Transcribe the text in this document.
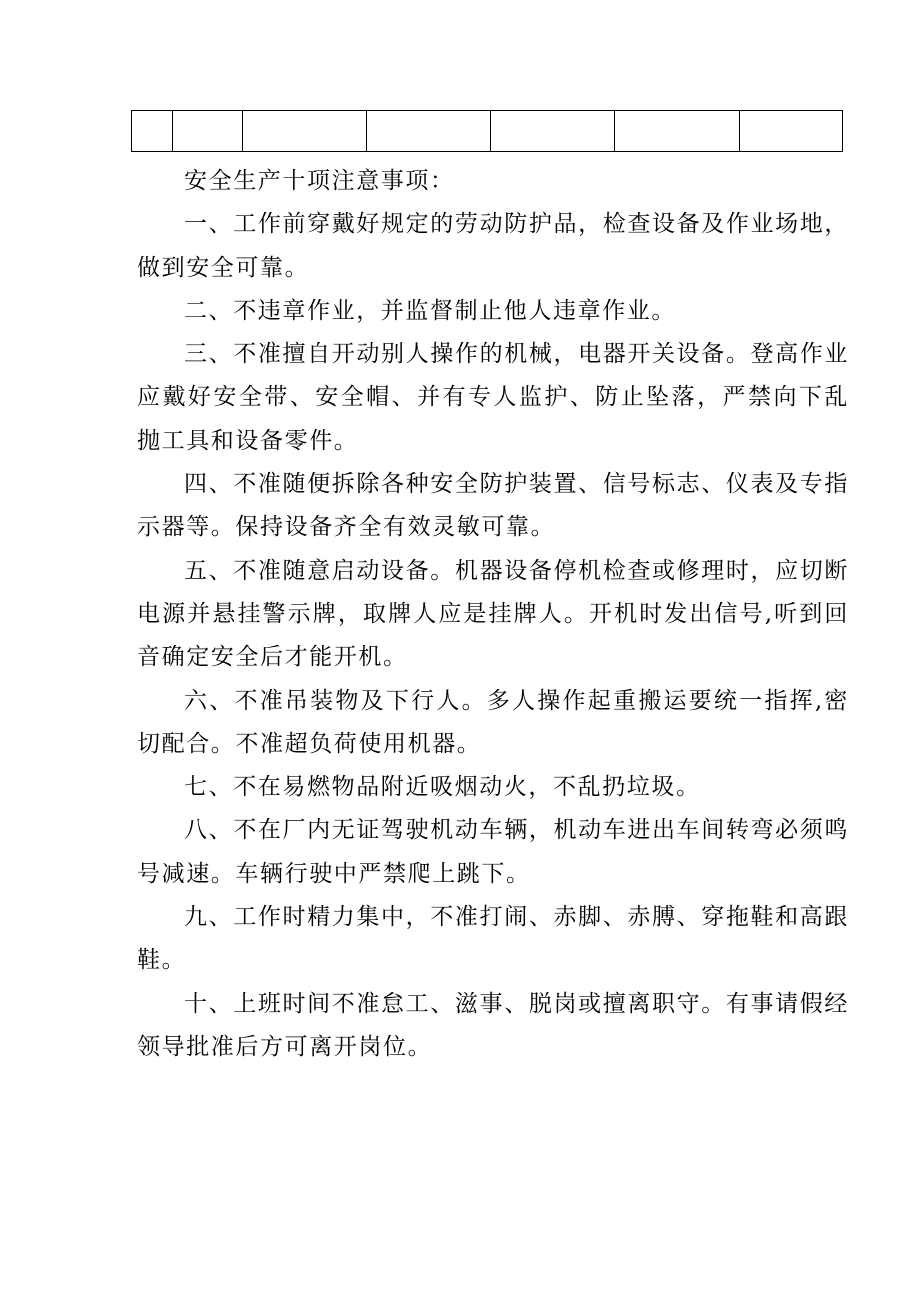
安全生产十项注意事项：

一、工作前穿戴好规定的劳动防护品，检查设备及作业场地，做到安全可靠。

二、不违章作业，并监督制止他人违章作业。

三、不准擅自开动别人操作的机械，电器开关设备。登高作业应戴好安全带、安全帽、并有专人监护、防止坠落，严禁向下乱抛工具和设备零件。

四、不准随便拆除各种安全防护装置、信号标志、仪表及专指示器等。保持设备齐全有效灵敏可靠。

五、不准随意启动设备。机器设备停机检查或修理时，应切断电源并悬挂警示牌，取牌人应是挂牌人。开机时发出信号,听到回音确定安全后才能开机。

六、不准吊装物及下行人。多人操作起重搬运要统一指挥,密切配合。不准超负荷使用机器。

七、不在易燃物品附近吸烟动火，不乱扔垃圾。

八、不在厂内无证驾驶机动车辆，机动车进出车间转弯必须鸣号减速。车辆行驶中严禁爬上跳下。

九、工作时精力集中，不准打闹、赤脚、赤膊、穿拖鞋和高跟鞋。

十、上班时间不准怠工、滋事、脱岗或擅离职守。有事请假经领导批准后方可离开岗位。
